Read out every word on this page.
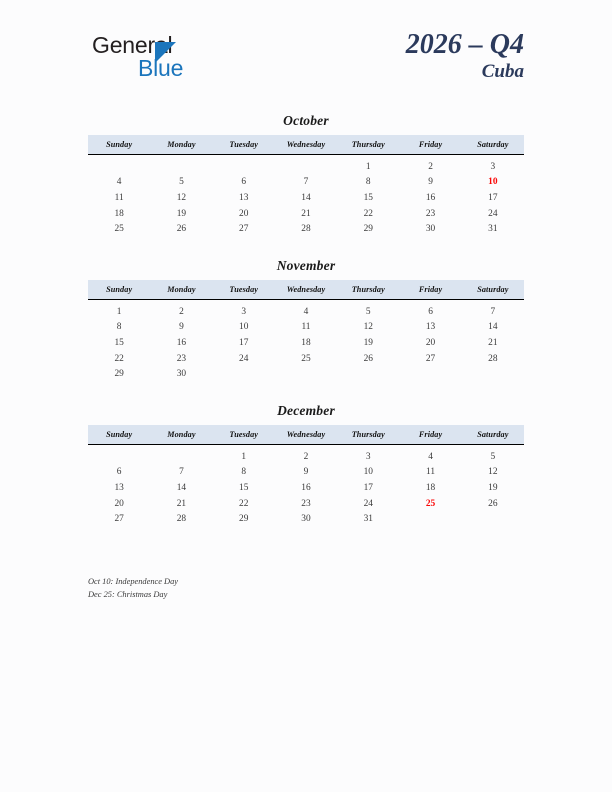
General
Blue
2026 – Q4
Cuba
October
Sunday	Monday	Tuesday	Wednesday	Thursday	Friday	Saturday
				1	2	3
4	5	6	7	8	9	10
11	12	13	14	15	16	17
18	19	20	21	22	23	24
25	26	27	28	29	30	31
November
Sunday	Monday	Tuesday	Wednesday	Thursday	Friday	Saturday
1	2	3	4	5	6	7
8	9	10	11	12	13	14
15	16	17	18	19	20	21
22	23	24	25	26	27	28
29	30					
December
Sunday	Monday	Tuesday	Wednesday	Thursday	Friday	Saturday
		1	2	3	4	5
6	7	8	9	10	11	12
13	14	15	16	17	18	19
20	21	22	23	24	25	26
27	28	29	30	31		
Oct 10: Independence Day
Dec 25: Christmas Day
